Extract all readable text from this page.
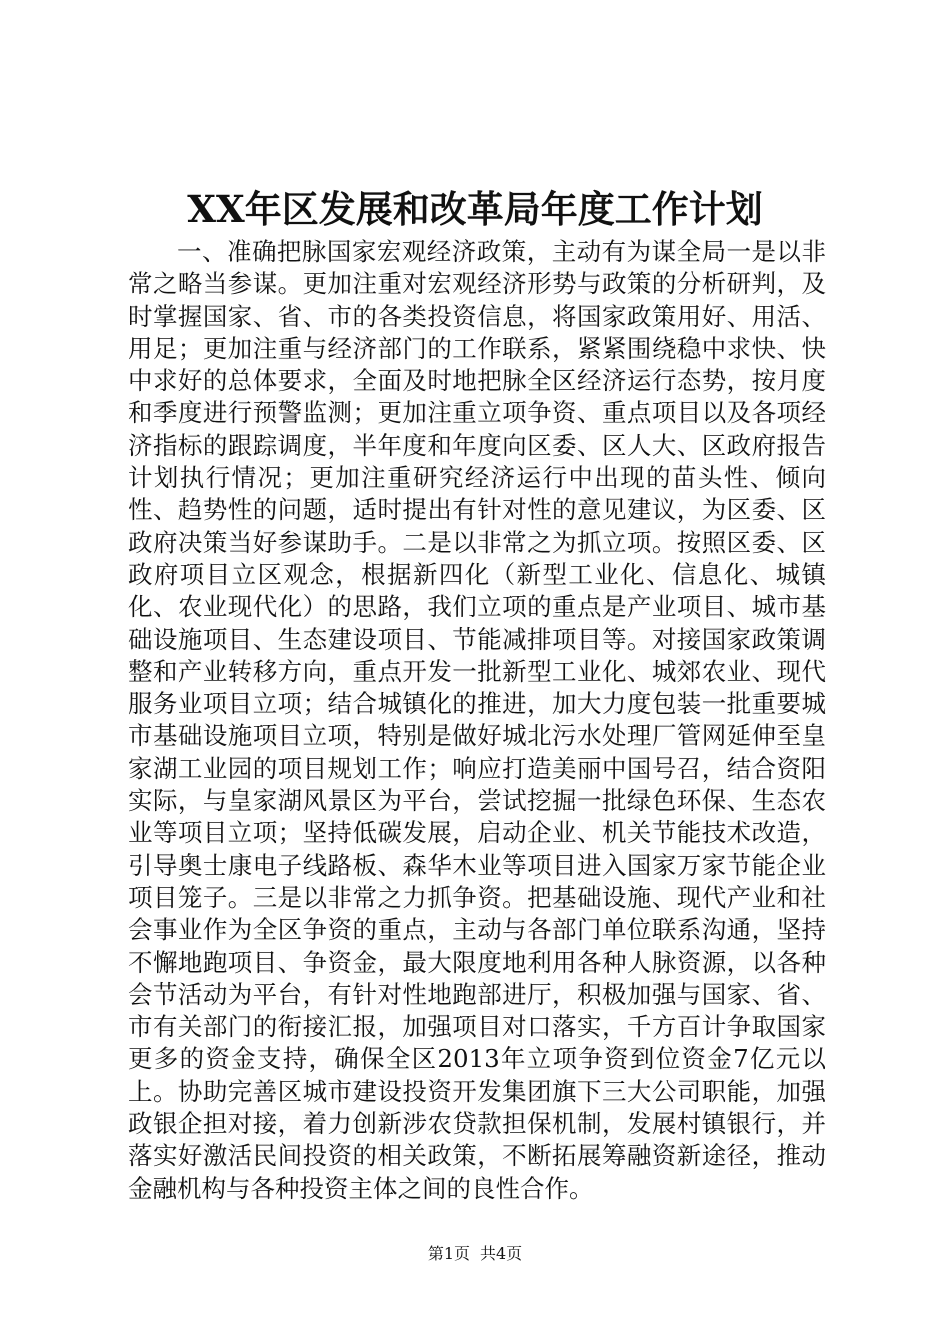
XX年区发展和改革局年度工作计划

一、准确把脉国家宏观经济政策，主动有为谋全局一是以非常之略当参谋。更加注重对宏观经济形势与政策的分析研判，及时掌握国家、省、市的各类投资信息，将国家政策用好、用活、用足；更加注重与经济部门的工作联系，紧紧围绕稳中求快、快中求好的总体要求，全面及时地把脉全区经济运行态势，按月度和季度进行预警监测；更加注重立项争资、重点项目以及各项经济指标的跟踪调度，半年度和年度向区委、区人大、区政府报告计划执行情况；更加注重研究经济运行中出现的苗头性、倾向性、趋势性的问题，适时提出有针对性的意见建议，为区委、区政府决策当好参谋助手。二是以非常之为抓立项。按照区委、区政府项目立区观念，根据新四化（新型工业化、信息化、城镇化、农业现代化）的思路，我们立项的重点是产业项目、城市基础设施项目、生态建设项目、节能减排项目等。对接国家政策调整和产业转移方向，重点开发一批新型工业化、城郊农业、现代服务业项目立项；结合城镇化的推进，加大力度包装一批重要城市基础设施项目立项，特别是做好城北污水处理厂管网延伸至皇家湖工业园的项目规划工作；响应打造美丽中国号召，结合资阳实际，与皇家湖风景区为平台，尝试挖掘一批绿色环保、生态农业等项目立项；坚持低碳发展，启动企业、机关节能技术改造，引导奥士康电子线路板、森华木业等项目进入国家万家节能企业项目笼子。三是以非常之力抓争资。把基础设施、现代产业和社会事业作为全区争资的重点，主动与各部门单位联系沟通，坚持不懈地跑项目、争资金，最大限度地利用各种人脉资源，以各种会节活动为平台，有针对性地跑部进厅，积极加强与国家、省、市有关部门的衔接汇报，加强项目对口落实，千方百计争取国家更多的资金支持，确保全区2013年立项争资到位资金7亿元以上。协助完善区城市建设投资开发集团旗下三大公司职能，加强政银企担对接，着力创新涉农贷款担保机制，发展村镇银行，并落实好激活民间投资的相关政策，不断拓展筹融资新途径，推动金融机构与各种投资主体之间的良性合作。

第1页 共4页
